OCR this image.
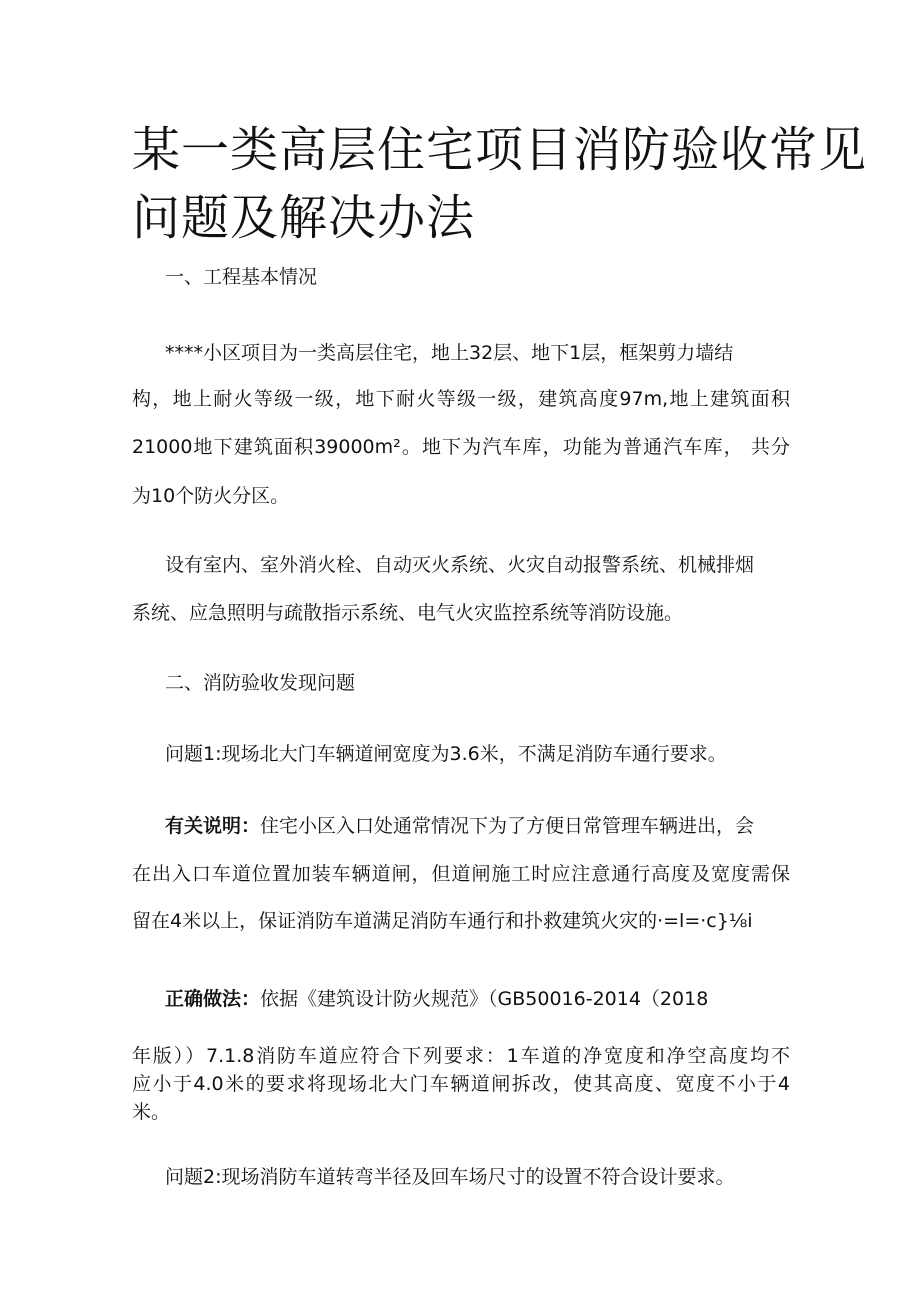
某一类高层住宅项目消防验收常见
问题及解决办法
一、工程基本情况
****小区项目为一类高层住宅，地上32层、地下1层，框架剪力墙结
构，地上耐火等级一级，地下耐火等级一级，建筑高度97m,地上建筑面积
21000地下建筑面积39000m²。地下为汽车库，功能为普通汽车库， 共分
为10个防火分区。
设有室内、室外消火栓、自动灭火系统、火灾自动报警系统、机械排烟
系统、应急照明与疏散指示系统、电气火灾监控系统等消防设施。
二、消防验收发现问题
问题1:现场北大门车辆道闸宽度为3.6米，不满足消防车通行要求。
有关说明：住宅小区入口处通常情况下为了方便日常管理车辆进出，会
在出入口车道位置加装车辆道闸，但道闸施工时应注意通行高度及宽度需保
留在4米以上，保证消防车道满足消防车通行和扑救建筑火灾的·=l=·c}⅛i
正确做法：依据《建筑设计防火规范》（GB50016-2014（2018
年版））7.1.8消防车道应符合下列要求：1车道的净宽度和净空高度均不
应小于4.0米的要求将现场北大门车辆道闸拆改，使其高度、宽度不小于4
米。
问题2:现场消防车道转弯半径及回车场尺寸的设置不符合设计要求。
